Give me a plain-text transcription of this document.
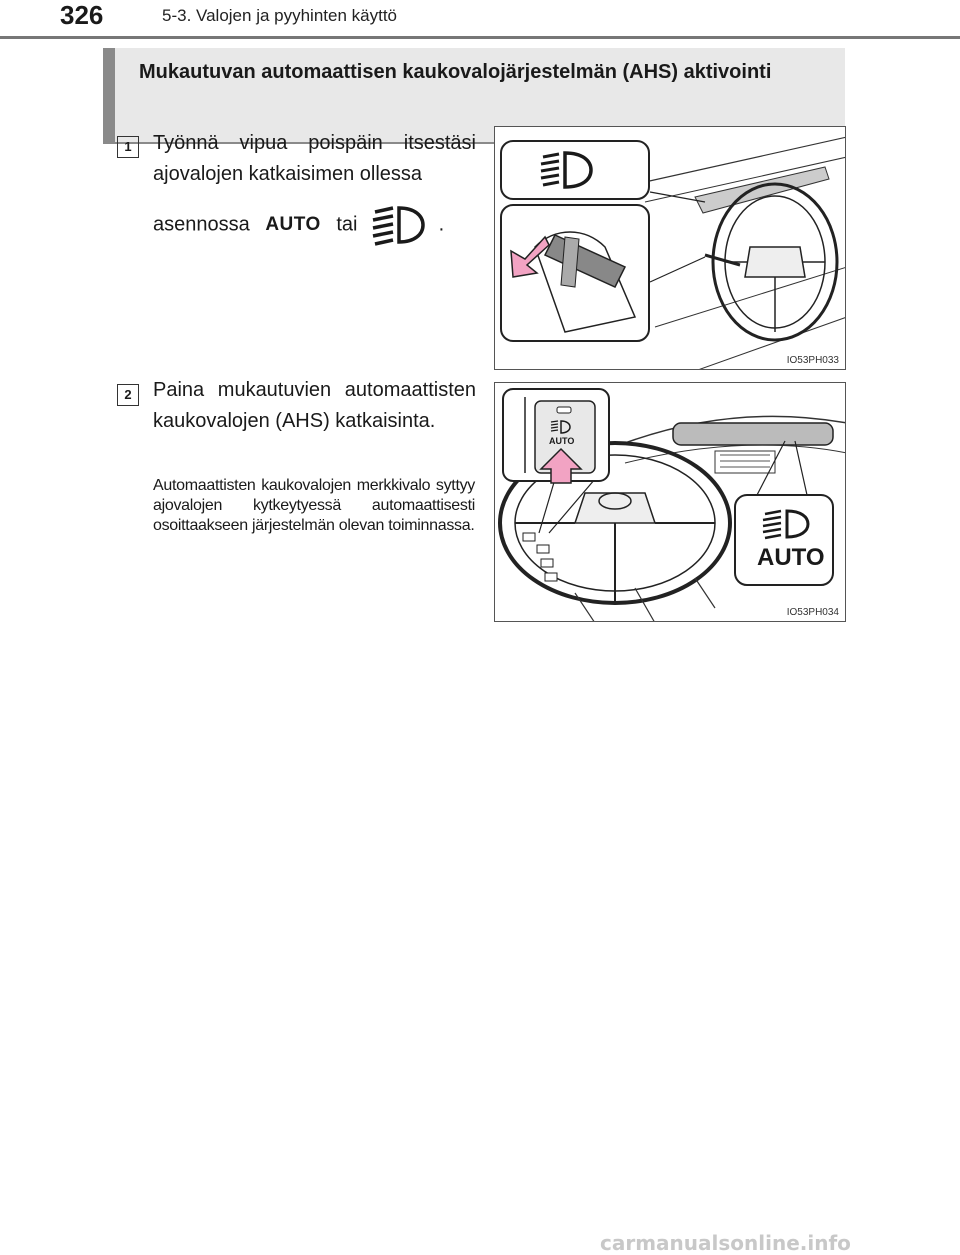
326	5-3. Valojen ja pyyhinten käyttö
Mukautuvan automaattisen kaukovalojärjestelmän (AHS) aktivointi
1	Työnnä vipua poispäin itsestäsi ajovalojen katkaisimen ollessa
asennossa AUTO tai	.
IO53PH033
2	Paina mukautuvien automaattisten kaukovalojen (AHS) katkaisinta.
Automaattisten kaukovalojen merkkivalo syttyy ajovalojen kytkeytyessä automaattisesti osoittaakseen järjestelmän olevan toiminnassa.
AUTO
AUTO
IO53PH034
carmanualsonline.info
